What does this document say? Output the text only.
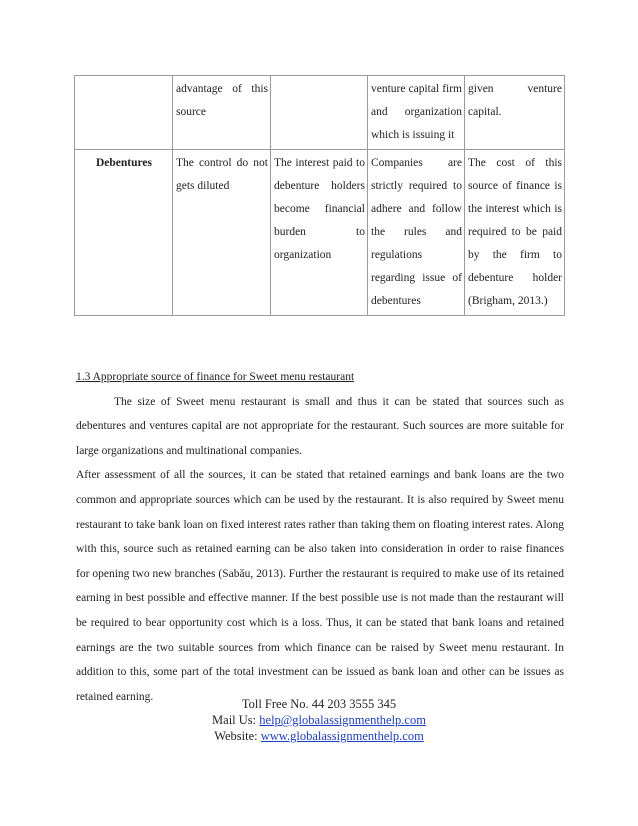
	advantage of this source		venture capital firm and organization which is issuing it	given venture capital.
Debentures	The control do not gets diluted	The interest paid to debenture holders become financial burden to organization	Companies are strictly required to adhere and follow the rules and regulations regarding issue of debentures	The cost of this source of finance is the interest which is required to be paid by the firm to debenture holder (Brigham, 2013.)

1.3 Appropriate source of finance for Sweet menu restaurant

The size of Sweet menu restaurant is small and thus it can be stated that sources such as debentures and ventures capital are not appropriate for the restaurant. Such sources are more suitable for large organizations and multinational companies.

After assessment of all the sources, it can be stated that retained earnings and bank loans are the two common and appropriate sources which can be used by the restaurant. It is also required by Sweet menu restaurant to take bank loan on fixed interest rates rather than taking them on floating interest rates. Along with this, source such as retained earning can be also taken into consideration in order to raise finances for opening two new branches (Sabău, 2013). Further the restaurant is required to make use of its retained earning in best possible and effective manner. If the best possible use is not made than the restaurant will be required to bear opportunity cost which is a loss. Thus, it can be stated that bank loans and retained earnings are the two suitable sources from which finance can be raised by Sweet menu restaurant. In addition to this, some part of the total investment can be issued as bank loan and other can be issues as retained earning.

Toll Free No. 44 203 3555 345
Mail Us: help@globalassignmenthelp.com
Website: www.globalassignmenthelp.com
